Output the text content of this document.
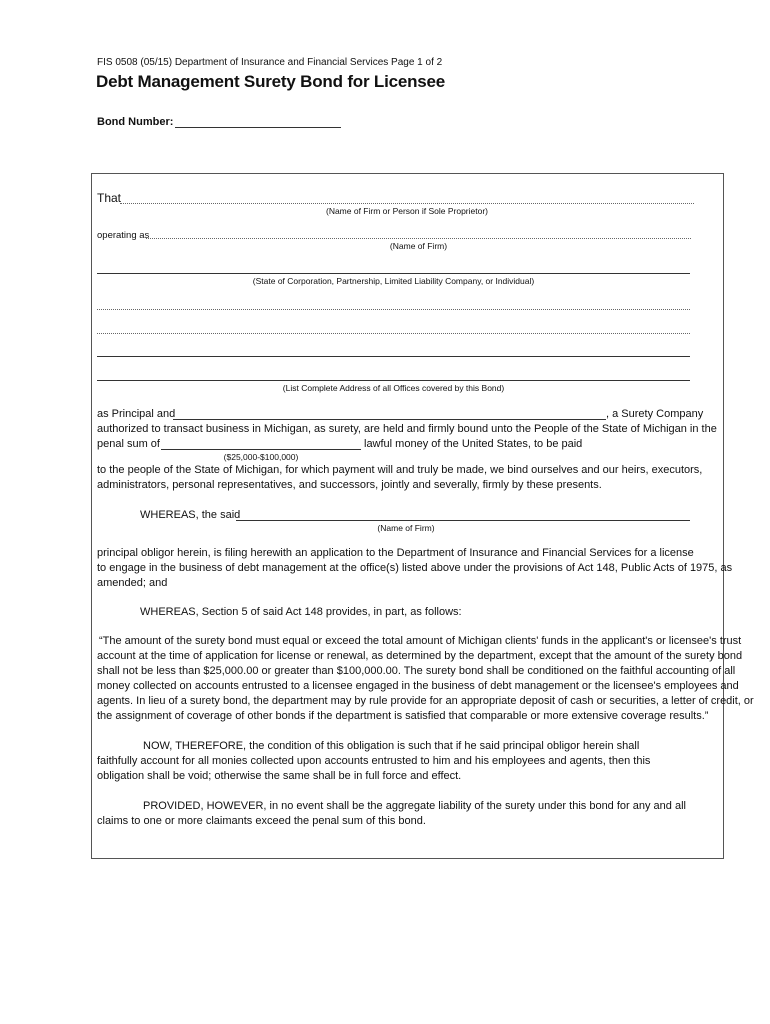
FIS 0508 (05/15) Department of Insurance and Financial Services Page 1 of 2
Debt Management Surety Bond for Licensee
Bond Number:
That
(Name of Firm or Person if Sole Proprietor)
operating as
(Name of Firm)
(State of Corporation, Partnership, Limited Liability Company, or Individual)
(List Complete Address of all Offices covered by this Bond)
as Principal and	, a Surety Company
authorized to transact business in Michigan, as surety, are held and firmly bound unto the People of the State of Michigan in the
penal sum of	lawful money of the United States, to be paid
($25,000-$100,000)
to the people of the State of Michigan, for which payment will and truly be made, we bind ourselves and our heirs, executors,
administrators, personal representatives, and successors, jointly and severally, firmly by these presents.
WHEREAS, the said
(Name of Firm)
principal obligor herein, is filing herewith an application to the Department of Insurance and Financial Services for a license
to engage in the business of debt management at the office(s) listed above under the provisions of Act 148, Public Acts of 1975, as
amended; and
WHEREAS, Section 5 of said Act 148 provides, in part, as follows:
“The amount of the surety bond must equal or exceed the total amount of Michigan clients' funds in the applicant's or licensee's trust
account at the time of application for license or renewal, as determined by the department, except that the amount of the surety bond
shall not be less than $25,000.00 or greater than $100,000.00. The surety bond shall be conditioned on the faithful accounting of all
money collected on accounts entrusted to a licensee engaged in the business of debt management or the licensee's employees and
agents. In lieu of a surety bond, the department may by rule provide for an appropriate deposit of cash or securities, a letter of credit, or
the assignment of coverage of other bonds if the department is satisfied that comparable or more extensive coverage results.”
NOW, THEREFORE, the condition of this obligation is such that if he said principal obligor herein shall
faithfully account for all monies collected upon accounts entrusted to him and his employees and agents, then this
obligation shall be void; otherwise the same shall be in full force and effect.
PROVIDED, HOWEVER, in no event shall be the aggregate liability of the surety under this bond for any and all
claims to one or more claimants exceed the penal sum of this bond.
